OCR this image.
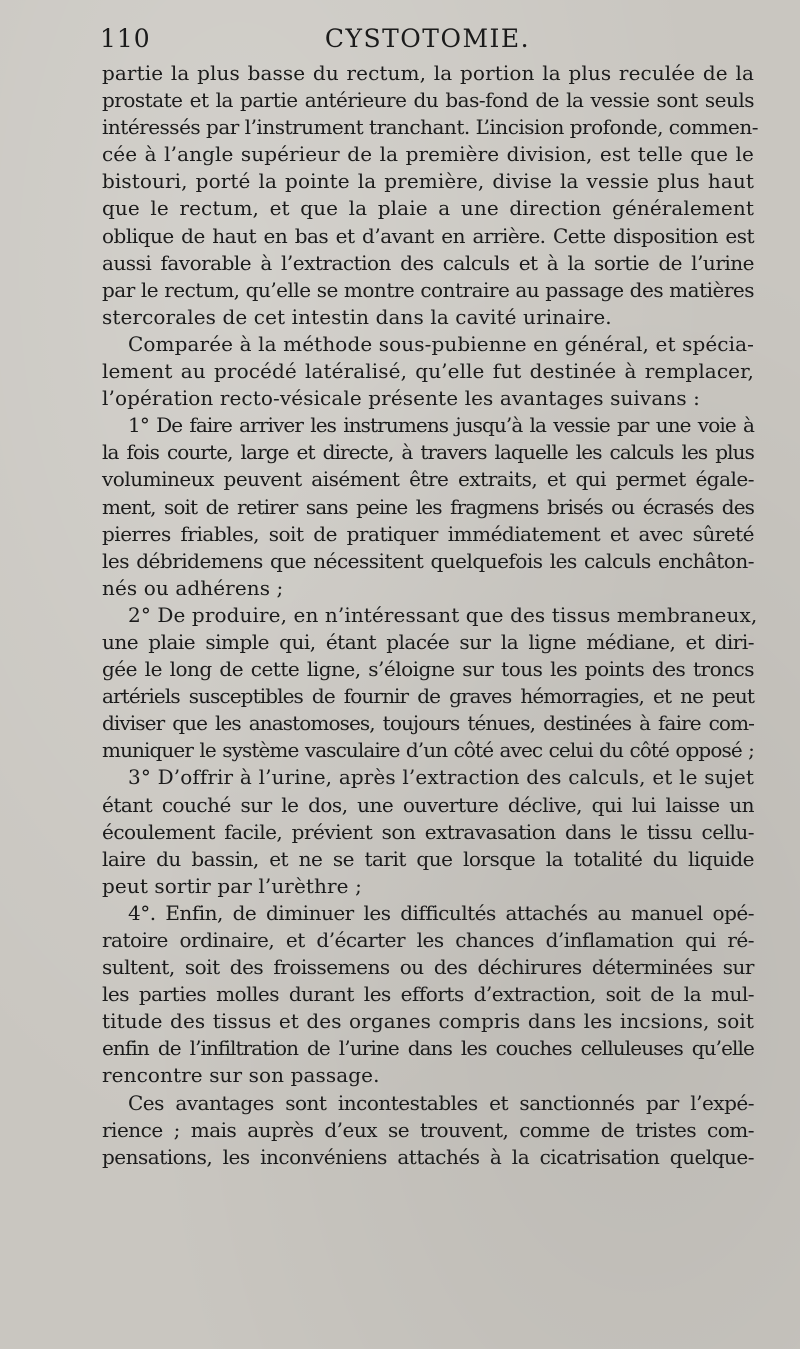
110	CYSTOTOMIE.
partie la plus basse du rectum, la portion la plus reculée de la
prostate et la partie antérieure du bas-fond de la vessie sont seuls
intéressés par l’instrument tranchant. L’incision profonde, commen-
cée à l’angle supérieur de la première division, est telle que le
bistouri, porté la pointe la première, divise la vessie plus haut
que le rectum, et que la plaie a une direction généralement
oblique de haut en bas et d’avant en arrière. Cette disposition est
aussi favorable à l’extraction des calculs et à la sortie de l’urine
par le rectum, qu’elle se montre contraire au passage des matières
stercorales de cet intestin dans la cavité urinaire.
Comparée à la méthode sous-pubienne en général, et spécia-
lement au procédé latéralisé, qu’elle fut destinée à remplacer,
l’opération recto-vésicale présente les avantages suivans :
1° De faire arriver les instrumens jusqu’à la vessie par une voie à
la fois courte, large et directe, à travers laquelle les calculs les plus
volumineux peuvent aisément être extraits, et qui permet égale-
ment, soit de retirer sans peine les fragmens brisés ou écrasés des
pierres friables, soit de pratiquer immédiatement et avec sûreté
les débridemens que nécessitent quelquefois les calculs enchâton-
nés ou adhérens ;
2° De produire, en n’intéressant que des tissus membraneux,
une plaie simple qui, étant placée sur la ligne médiane, et diri-
gée le long de cette ligne, s’éloigne sur tous les points des troncs
artériels susceptibles de fournir de graves hémorragies, et ne peut
diviser que les anastomoses, toujours ténues, destinées à faire com-
muniquer le système vasculaire d’un côté avec celui du côté opposé ;
3° D’offrir à l’urine, après l’extraction des calculs, et le sujet
étant couché sur le dos, une ouverture déclive, qui lui laisse un
écoulement facile, prévient son extravasation dans le tissu cellu-
laire du bassin, et ne se tarit que lorsque la totalité du liquide
peut sortir par l’urèthre ;
4°. Enfin, de diminuer les difficultés attachés au manuel opé-
ratoire ordinaire, et d’écarter les chances d’inflamation qui ré-
sultent, soit des froissemens ou des déchirures déterminées sur
les parties molles durant les efforts d’extraction, soit de la mul-
titude des tissus et des organes compris dans les incsions, soit
enfin de l’infiltration de l’urine dans les couches celluleuses qu’elle
rencontre sur son passage.
Ces avantages sont incontestables et sanctionnés par l’expé-
rience ; mais auprès d’eux se trouvent, comme de tristes com-
pensations, les inconvéniens attachés à la cicatrisation quelque-
